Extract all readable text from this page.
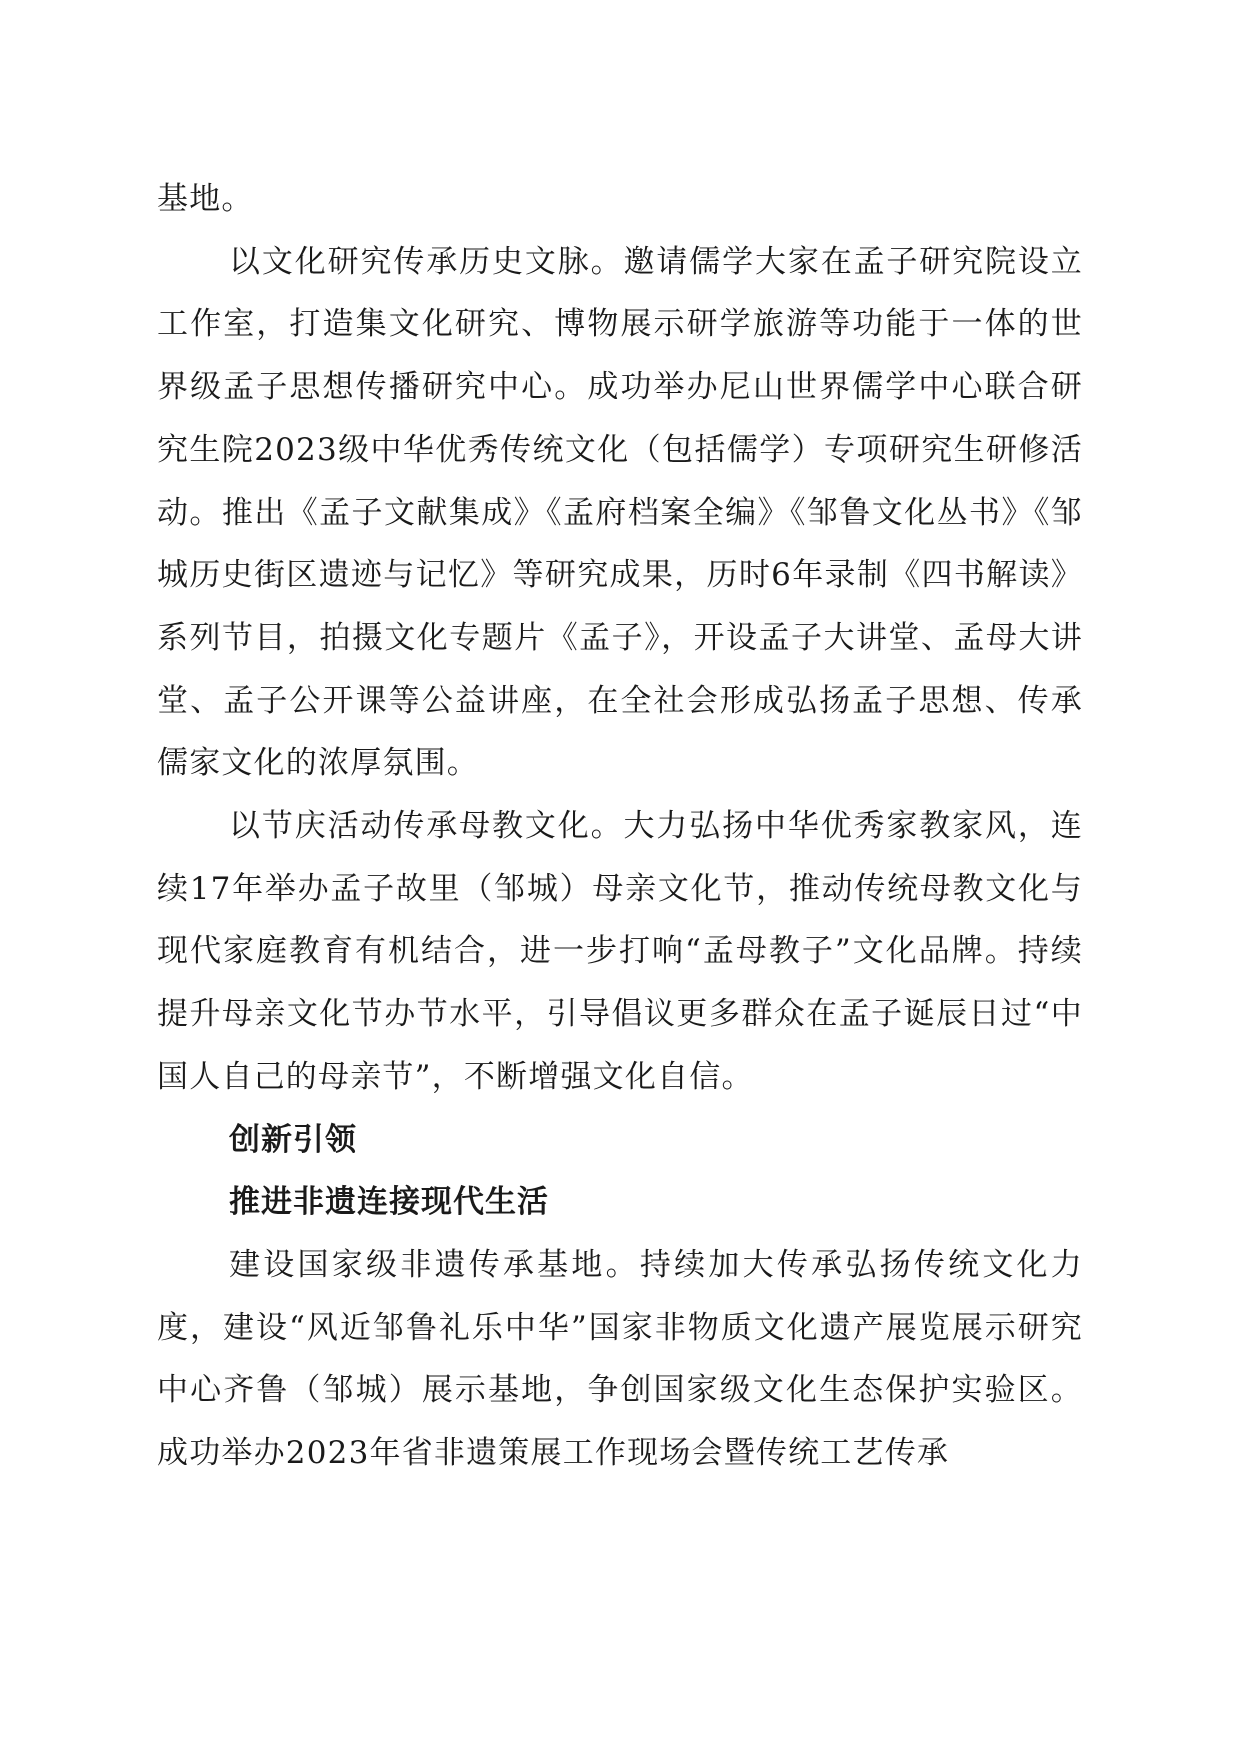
基地。

以文化研究传承历史文脉。邀请儒学大家在孟子研究院设立工作室，打造集文化研究、博物展示研学旅游等功能于一体的世界级孟子思想传播研究中心。成功举办尼山世界儒学中心联合研究生院2023级中华优秀传统文化（包括儒学）专项研究生研修活动。推出《孟子文献集成》《孟府档案全编》《邹鲁文化丛书》《邹城历史街区遗迹与记忆》等研究成果，历时6年录制《四书解读》系列节目，拍摄文化专题片《孟子》，开设孟子大讲堂、孟母大讲堂、孟子公开课等公益讲座，在全社会形成弘扬孟子思想、传承儒家文化的浓厚氛围。

以节庆活动传承母教文化。大力弘扬中华优秀家教家风，连续17年举办孟子故里（邹城）母亲文化节，推动传统母教文化与现代家庭教育有机结合，进一步打响“孟母教子”文化品牌。持续提升母亲文化节办节水平，引导倡议更多群众在孟子诞辰日过“中国人自己的母亲节”，不断增强文化自信。

创新引领

推进非遗连接现代生活

建设国家级非遗传承基地。持续加大传承弘扬传统文化力度，建设“风近邹鲁礼乐中华”国家非物质文化遗产展览展示研究中心齐鲁（邹城）展示基地，争创国家级文化生态保护实验区。成功举办2023年省非遗策展工作现场会暨传统工艺传承
